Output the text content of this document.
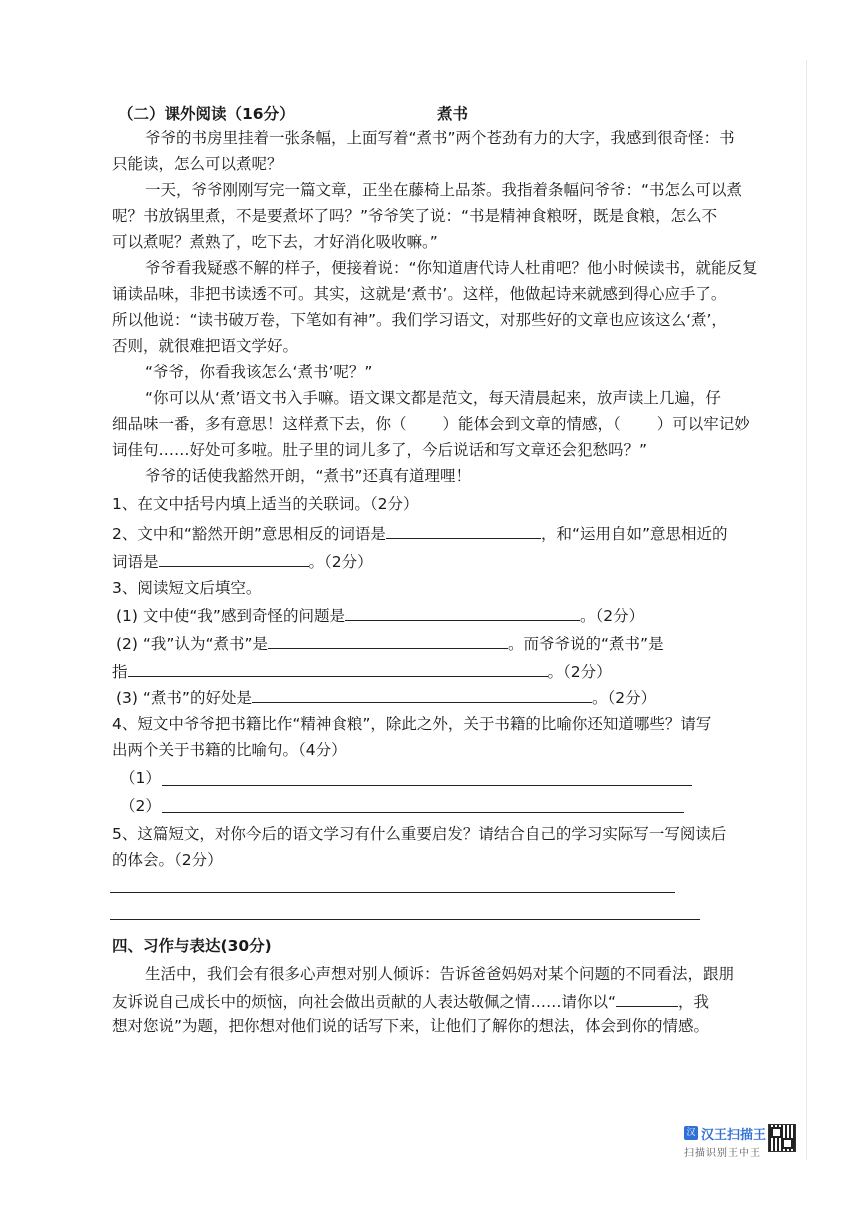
（二）课外阅读（16分）	煮书
爷爷的书房里挂着一张条幅，上面写着“煮书”两个苍劲有力的大字，我感到很奇怪：书
只能读，怎么可以煮呢？
一天，爷爷刚刚写完一篇文章，正坐在藤椅上品茶。我指着条幅问爷爷：“书怎么可以煮
呢？书放锅里煮，不是要煮坏了吗？”爷爷笑了说：“书是精神食粮呀，既是食粮，怎么不
可以煮呢？煮熟了，吃下去，才好消化吸收嘛。”
爷爷看我疑惑不解的样子，便接着说：“你知道唐代诗人杜甫吧？他小时候读书，就能反复
诵读品味，非把书读透不可。其实，这就是‘煮书’。这样，他做起诗来就感到得心应手了。
所以他说：“读书破万卷，下笔如有神”。我们学习语文，对那些好的文章也应该这么‘煮’，
否则，就很难把语文学好。
“爷爷，你看我该怎么‘煮书’呢？”
“你可以从‘煮’语文书入手嘛。语文课文都是范文，每天清晨起来，放声读上几遍，仔
细品味一番，多有意思！这样煮下去，你（ ）能体会到文章的情感，（ ）可以牢记妙
词佳句……好处可多啦。肚子里的词儿多了，今后说话和写文章还会犯愁吗？”
爷爷的话使我豁然开朗，“煮书”还真有道理哩！
1、在文中括号内填上适当的关联词。（2分）
2、文中和“豁然开朗”意思相反的词语是	，和“运用自如”意思相近的
词语是	。（2分）
3、阅读短文后填空。
(1) 文中使“我”感到奇怪的问题是	。（2分）
(2) “我”认为“煮书”是	。而爷爷说的“煮书”是
指	。（2分）
(3) “煮书”的好处是	。（2分）
4、短文中爷爷把书籍比作“精神食粮”，除此之外，关于书籍的比喻你还知道哪些？请写
出两个关于书籍的比喻句。（4分）
（1）
（2）
5、这篇短文，对你今后的语文学习有什么重要启发？请结合自己的学习实际写一写阅读后
的体会。（2分）
四、习作与表达(30分)
生活中，我们会有很多心声想对别人倾诉：告诉爸爸妈妈对某个问题的不同看法，跟朋
友诉说自己成长中的烦恼，向社会做出贡献的人表达敬佩之情……请你以“	，我
想对您说”为题，把你想对他们说的话写下来，让他们了解你的想法，体会到你的情感。
汉 汉王扫描王
扫描识别王中王
